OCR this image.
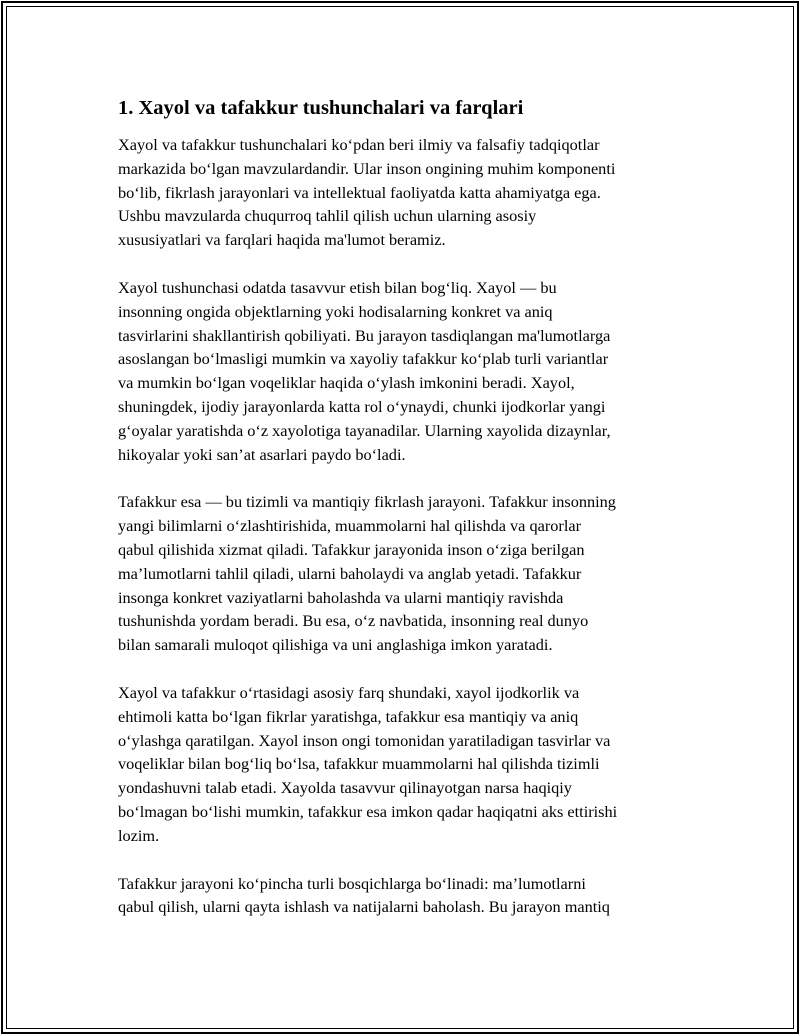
1. Xayol va tafakkur tushunchalari va farqlari

Xayol va tafakkur tushunchalari ko‘pdan beri ilmiy va falsafiy tadqiqotlar
markazida bo‘lgan mavzulardandir. Ular inson ongining muhim komponenti
bo‘lib, fikrlash jarayonlari va intellektual faoliyatda katta ahamiyatga ega.
Ushbu mavzularda chuqurroq tahlil qilish uchun ularning asosiy
xususiyatlari va farqlari haqida ma'lumot beramiz.

Xayol tushunchasi odatda tasavvur etish bilan bog‘liq. Xayol — bu
insonning ongida objektlarning yoki hodisalarning konkret va aniq
tasvirlarini shakllantirish qobiliyati. Bu jarayon tasdiqlangan ma'lumotlarga
asoslangan bo‘lmasligi mumkin va xayoliy tafakkur ko‘plab turli variantlar
va mumkin bo‘lgan voqeliklar haqida o‘ylash imkonini beradi. Xayol,
shuningdek, ijodiy jarayonlarda katta rol o‘ynaydi, chunki ijodkorlar yangi
g‘oyalar yaratishda o‘z xayolotiga tayanadilar. Ularning xayolida dizaynlar,
hikoyalar yoki san’at asarlari paydo bo‘ladi.

Tafakkur esa — bu tizimli va mantiqiy fikrlash jarayoni. Tafakkur insonning
yangi bilimlarni o‘zlashtirishida, muammolarni hal qilishda va qarorlar
qabul qilishida xizmat qiladi. Tafakkur jarayonida inson o‘ziga berilgan
ma’lumotlarni tahlil qiladi, ularni baholaydi va anglab yetadi. Tafakkur
insonga konkret vaziyatlarni baholashda va ularni mantiqiy ravishda
tushunishda yordam beradi. Bu esa, o‘z navbatida, insonning real dunyo
bilan samarali muloqot qilishiga va uni anglashiga imkon yaratadi.

Xayol va tafakkur o‘rtasidagi asosiy farq shundaki, xayol ijodkorlik va
ehtimoli katta bo‘lgan fikrlar yaratishga, tafakkur esa mantiqiy va aniq
o‘ylashga qaratilgan. Xayol inson ongi tomonidan yaratiladigan tasvirlar va
voqeliklar bilan bog‘liq bo‘lsa, tafakkur muammolarni hal qilishda tizimli
yondashuvni talab etadi. Xayolda tasavvur qilinayotgan narsa haqiqiy
bo‘lmagan bo‘lishi mumkin, tafakkur esa imkon qadar haqiqatni aks ettirishi
lozim.

Tafakkur jarayoni ko‘pincha turli bosqichlarga bo‘linadi: ma’lumotlarni
qabul qilish, ularni qayta ishlash va natijalarni baholash. Bu jarayon mantiq
